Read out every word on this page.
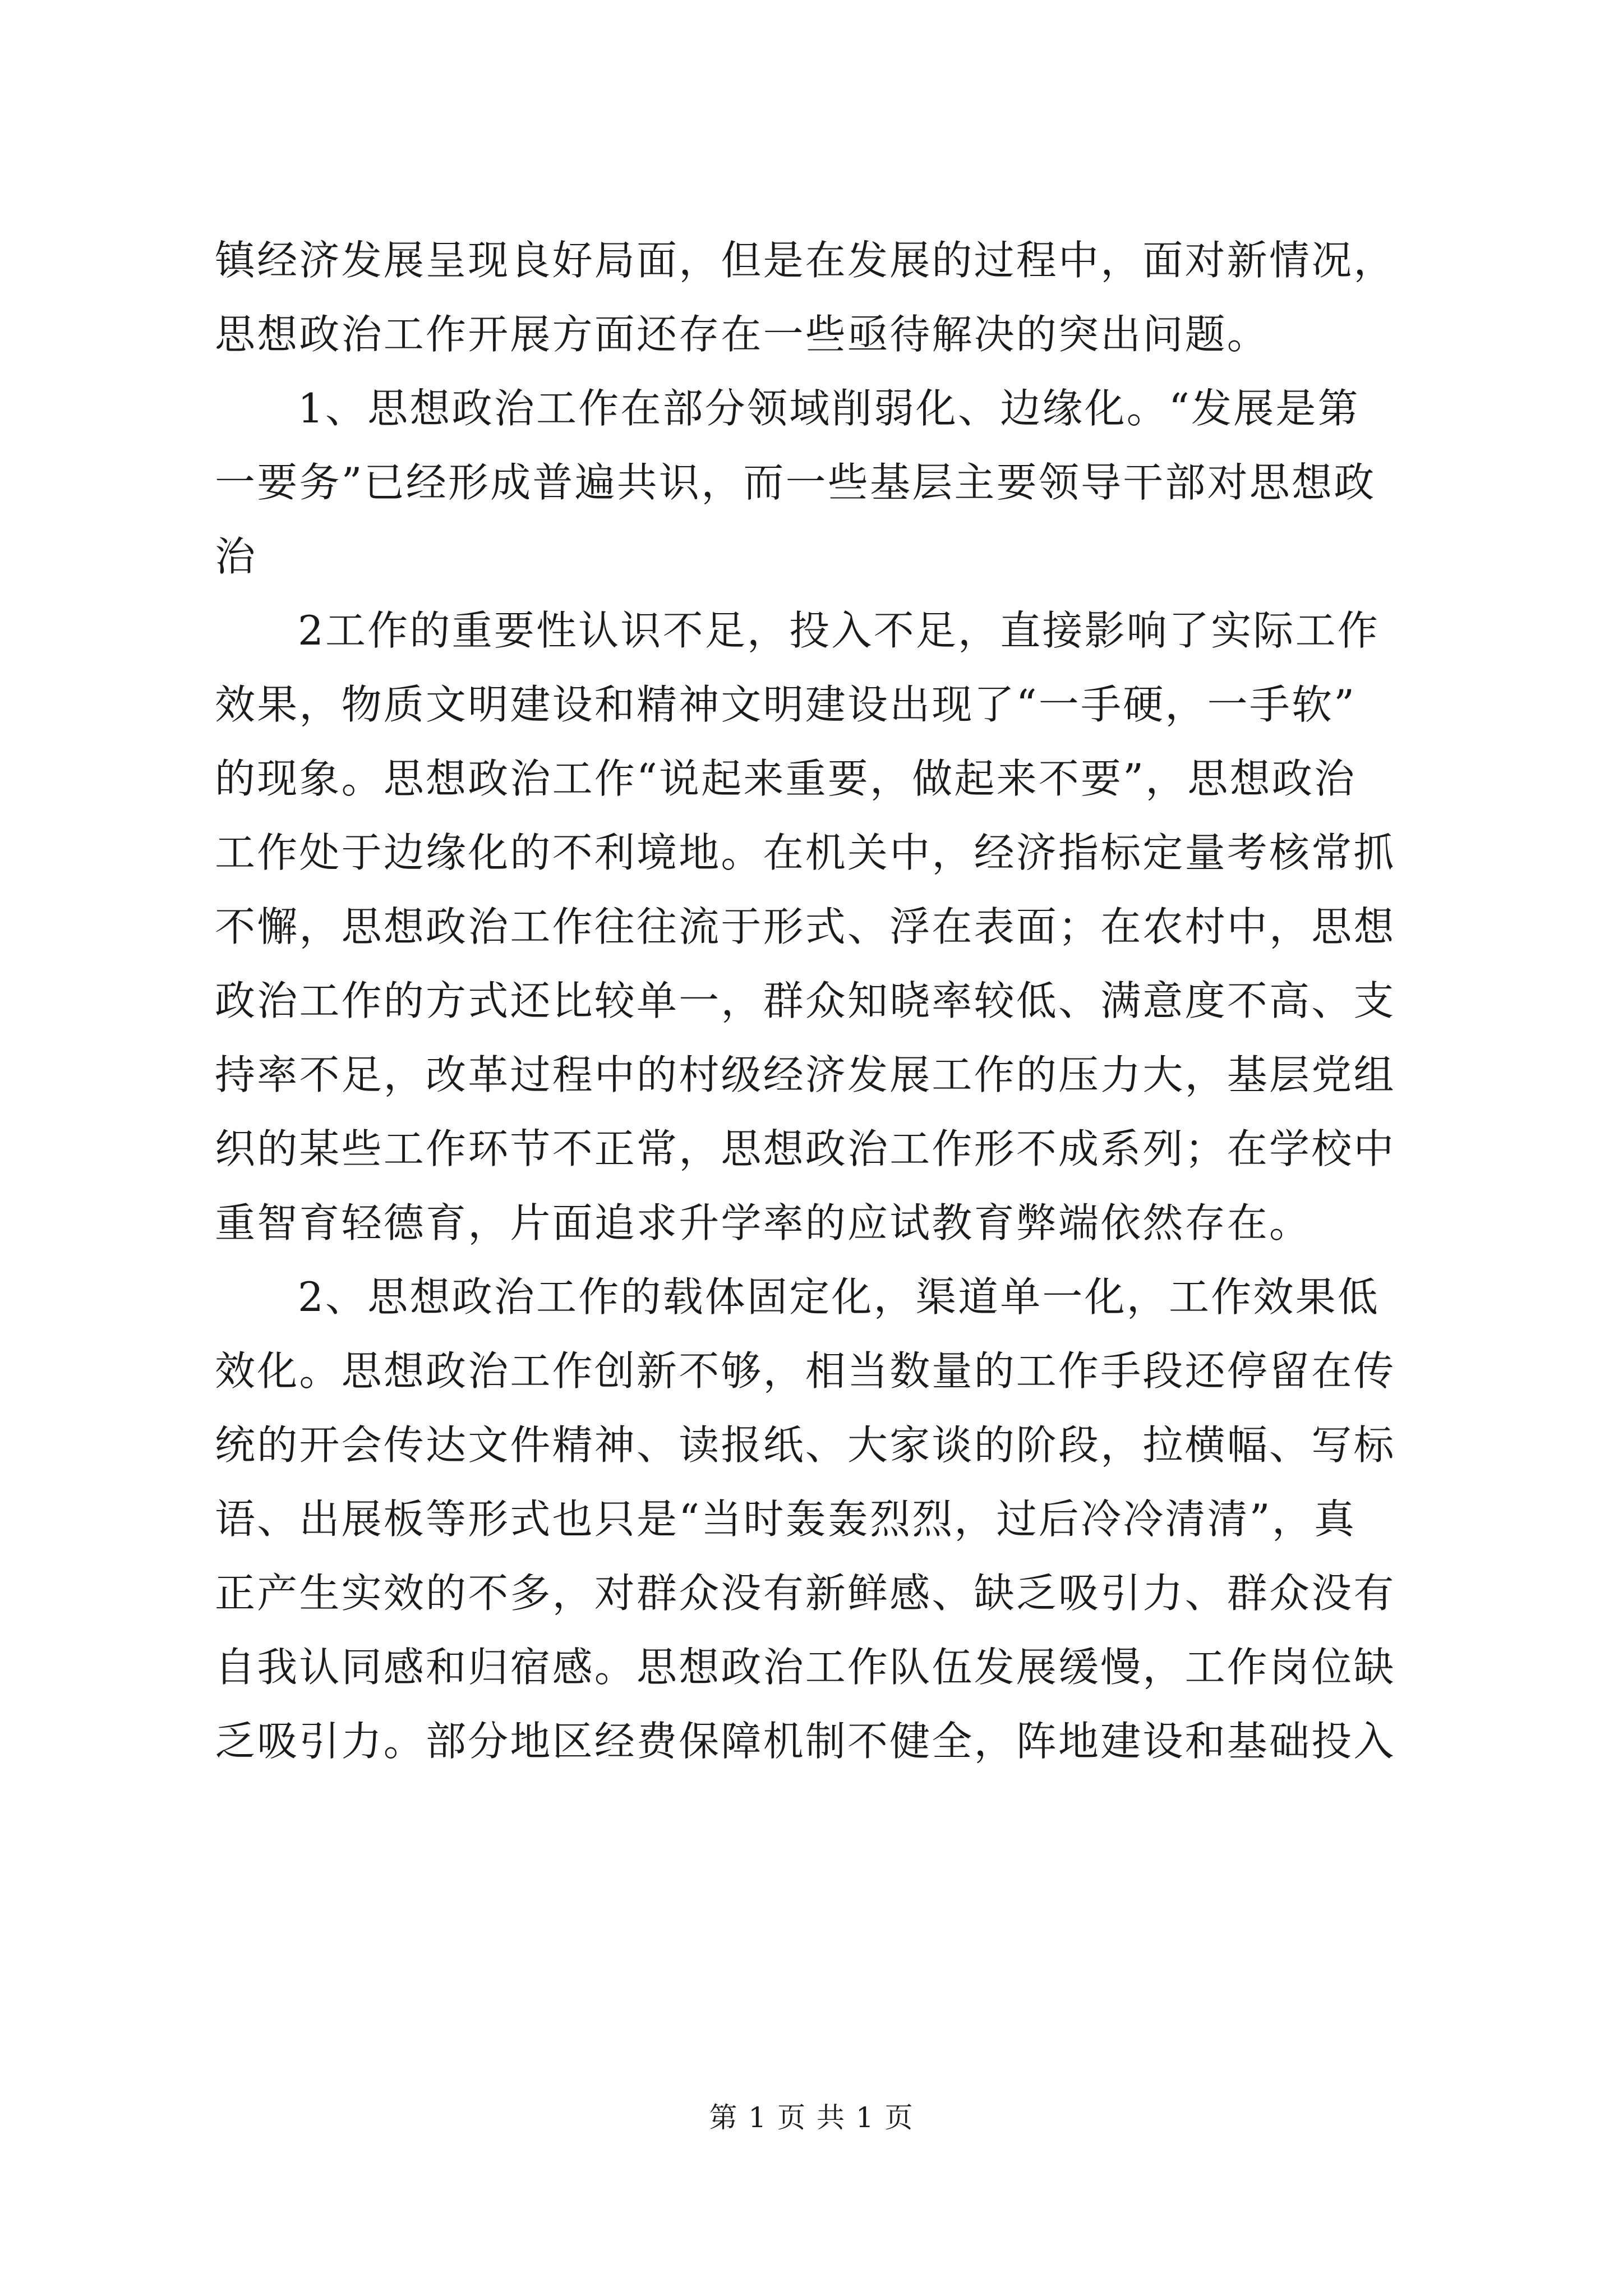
镇经济发展呈现良好局面，但是在发展的过程中，面对新情况，
思想政治工作开展方面还存在一些亟待解决的突出问题。
1、思想政治工作在部分领域削弱化、边缘化。“发展是第
一要务”已经形成普遍共识，而一些基层主要领导干部对思想政
治
2工作的重要性认识不足，投入不足，直接影响了实际工作
效果，物质文明建设和精神文明建设出现了“一手硬，一手软”
的现象。思想政治工作“说起来重要，做起来不要”，思想政治
工作处于边缘化的不利境地。在机关中，经济指标定量考核常抓
不懈，思想政治工作往往流于形式、浮在表面；在农村中，思想
政治工作的方式还比较单一，群众知晓率较低、满意度不高、支
持率不足，改革过程中的村级经济发展工作的压力大，基层党组
织的某些工作环节不正常，思想政治工作形不成系列；在学校中
重智育轻德育，片面追求升学率的应试教育弊端依然存在。
2、思想政治工作的载体固定化，渠道单一化，工作效果低
效化。思想政治工作创新不够，相当数量的工作手段还停留在传
统的开会传达文件精神、读报纸、大家谈的阶段，拉横幅、写标
语、出展板等形式也只是“当时轰轰烈烈，过后冷冷清清”，真
正产生实效的不多，对群众没有新鲜感、缺乏吸引力、群众没有
自我认同感和归宿感。思想政治工作队伍发展缓慢，工作岗位缺
乏吸引力。部分地区经费保障机制不健全，阵地建设和基础投入
第 1 页 共 1 页
